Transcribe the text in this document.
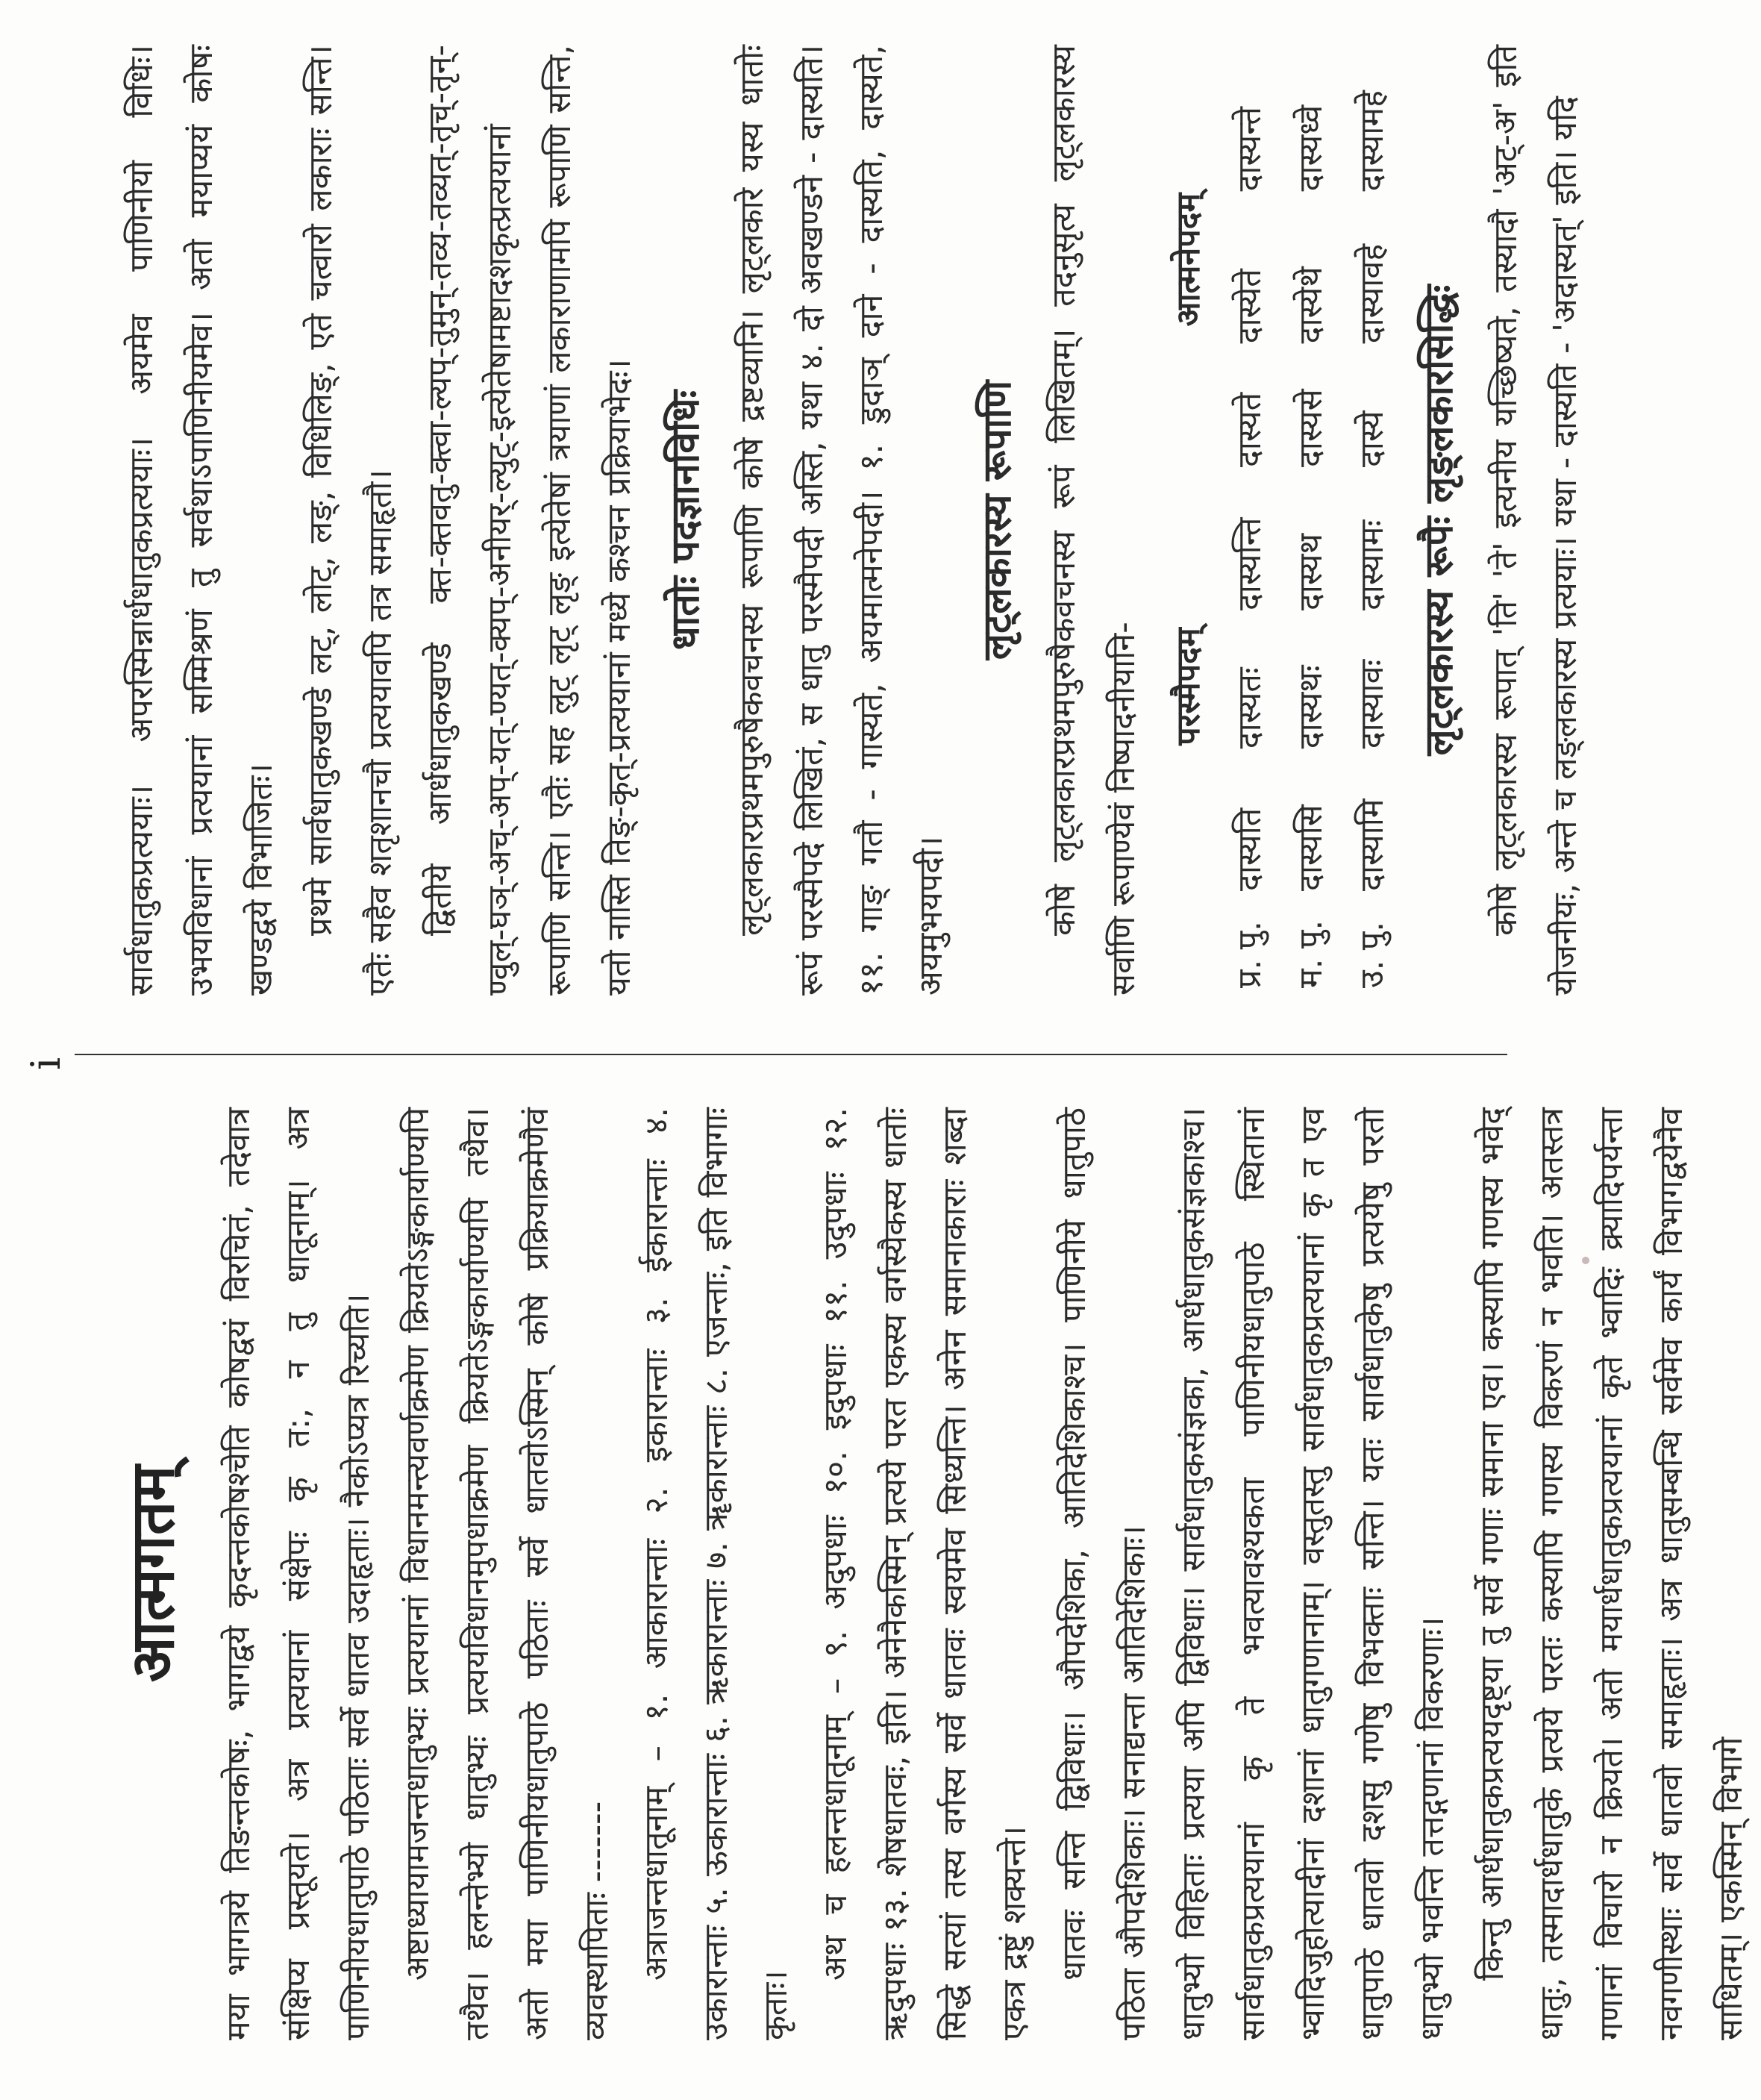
i
आत्मगतम्	मया भागत्रये तिङन्तकोषः, भागद्वये कृदन्तकोषश्चेति कोषद्वयं विरचितं, तदेवात्र संक्षिप्य प्रस्तूयते। अत्र प्रत्ययानां संक्षेपः कृ त:, न तु धातूनाम्। अत्र पाणिनीयधातुपाठे पठिताः सर्वे धातव उदाहृताः। नैकोऽप्यत्र रिच्यति। अष्टाध्यायामजन्तधातुभ्यः प्रत्ययानां विधानमन्त्यवर्णक्रमेण क्रियतेऽङ्गकार्याण्यपि तथैव। हलन्तेभ्यो धातुभ्यः प्रत्ययविधानमुपधाक्रमेण क्रियतेऽङ्गकार्याण्यपि तथैव। अतो मया पाणिनीयधातुपाठे पठिताः सर्वे धातवोऽस्मिन् कोषे प्रक्रियाक्रमेणैवं व्यवस्थापिताः ------- अत्राजन्तधातूनाम् – १. आकारान्ताः २. इकारान्ताः ३. ईकारान्ताः ४. उकारान्ताः ५. ऊकारान्ताः ६. ऋकारान्ताः ७. ॠकारान्ताः ८. एजन्ताः, इति विभागाः कृताः।

अथ च हलन्तधातूनाम् – ९. अदुपधाः १०. इदुपधाः ११. उदुपधाः १२. ऋदुपधाः १३. शेषधातवः, इति। अनेनैकस्मिन् प्रत्यये परत एकस्य वर्गस्यैकस्य धातोः सिद्धे सत्यां तस्य वर्गस्य सर्वे धातवः स्वयमेव सिध्यन्ति। अनेन समानाकाराः शब्दा एकत्र द्रष्टुं शक्यन्ते। धातवः सन्ति द्विविधाः। औपदेशिका, आतिदेशिकाश्च। पाणिनीये धातुपाठे पठिता औपदेशिकाः। सनाद्यन्ता आतिदेशिकाः। धातुभ्यो विहिताः प्रत्यया अपि द्विविधाः। सार्वधातुकसंज्ञका, आर्धधातुकसंज्ञकाश्च। सार्वधातुकप्रत्ययानां कृ ते भवत्यावश्यकता पाणिनीयधातुपाठे स्थितानां भ्वादिजुहोत्यादीनां दशानां धातुगणानाम्। वस्तुतस्तु सार्वधातुकप्रत्ययानां कृ त एव धातुपाठे धातवो दशसु गणेषु विभक्ताः सन्ति। यतः सार्वधातुकेषु प्रत्ययेषु परतो धातुभ्यो भवन्ति तत्तद्गणानां विकरणाः। किन्तु आर्धधातुकप्रत्ययदृष्ट्या तु सर्वे गणाः समाना एव। कस्यापि गणस्य भवेद् धातुः, तस्मादार्धधातुके प्रत्यये परतः कस्यापि गणस्य विकरणं न भवति। अतस्तत्र गणानां विचारो न क्रियते। अतो मयार्धधातुकप्रत्ययानां कृते भ्वादिः क्र्यादिपर्यन्ता नवगणीस्थाः सर्वे धातवो समाहृताः। अत्र धातुसम्बन्धि सर्वमेव कार्यं विभागद्वयेनैव साधितम्। एकस्मिन् विभागे

सार्वधातुकप्रत्ययाः। अपरस्मिन्नार्धधातुकप्रत्ययाः। अयमेव पाणिनीयो विधिः। उभयविधानां प्रत्ययानां सम्मिश्रणं तु सर्वथाऽपाणिनीयमेव। अतो मयाप्ययं कोषः खण्डद्वये विभाजितः। प्रथमे सार्वधातुकखण्डे लट्, लोट्, लङ्, विधिलिङ्, एते चत्वारो लकाराः सन्ति। एतैः सहैव शतृशानचौ प्रत्ययावपि तत्र समाहृतौ। द्वितीये आर्धधातुकखण्डे क्त-क्तवतु-क्त्वा-ल्यप्-तुमुन्-तव्य-तव्यत्-तृच्-तृन्-ण्वुल्-घञ्-अच्-अप्-यत्-ण्यत्-क्यप्-अनीयर्-ल्युट्-इत्येतेषामष्टादशकृत्प्रत्ययानां रूपाणि सन्ति। एतैः सह लुट् लृट् लृङ् इत्येतेषां त्रयाणां लकाराणामपि रूपाणि सन्ति, यतो नास्ति तिङ्-कृत्-प्रत्ययानां मध्ये कश्चन प्रक्रियाभेदः। धातोः पदज्ञानविधिः लृट्लकारप्रथमपुरुषैकवचनस्य रूपाणि कोषे द्रष्टव्यानि। लृट्लकारे यस्य धातोः रूपं परस्मैपदे लिखितं, स धातु परस्मैपदी अस्ति, यथा ४. दो अवखण्डने - दास्यति। ११. गाङ् गतौ - गास्यते, अयमात्मनेपदी। १. डुदाञ् दाने - दास्यति, दास्यते, अयमुभयपदी।

लृट्लकारस्य रूपाणि कोषे लृट्लकारप्रथमपुरुषैकवचनस्य रूपं लिखितम्। तदनुसृत्य लृट्लकारस्य सर्वाणि रूपाण्येवं निष्पादनीयानि-

	परस्मैपदम्			आत्मनेपदम्		
प्र. पु.	दास्यति	दास्यतः	दास्यन्ति	दास्यते	दास्येते	दास्यन्ते
म. पु.	दास्यसि	दास्यथः	दास्यथ	दास्यसे	दास्येथे	दास्यध्वे
उ. पु.	दास्यामि	दास्यावः	दास्यामः	दास्ये	दास्यावहे	दास्यामहे
लृट्लकारस्य रूपैः लृङ्लकारसिद्धिः कोषे लृट्लकारस्य रूपात् 'ति' 'ते' इत्यनीय यच्छिष्यते, तस्यादौ 'अट्-अ' इति योजनीयः, अन्ते च लङ्लकारस्य प्रत्ययाः। यथा - दास्यति - 'अदास्यत्' इति। यदि
